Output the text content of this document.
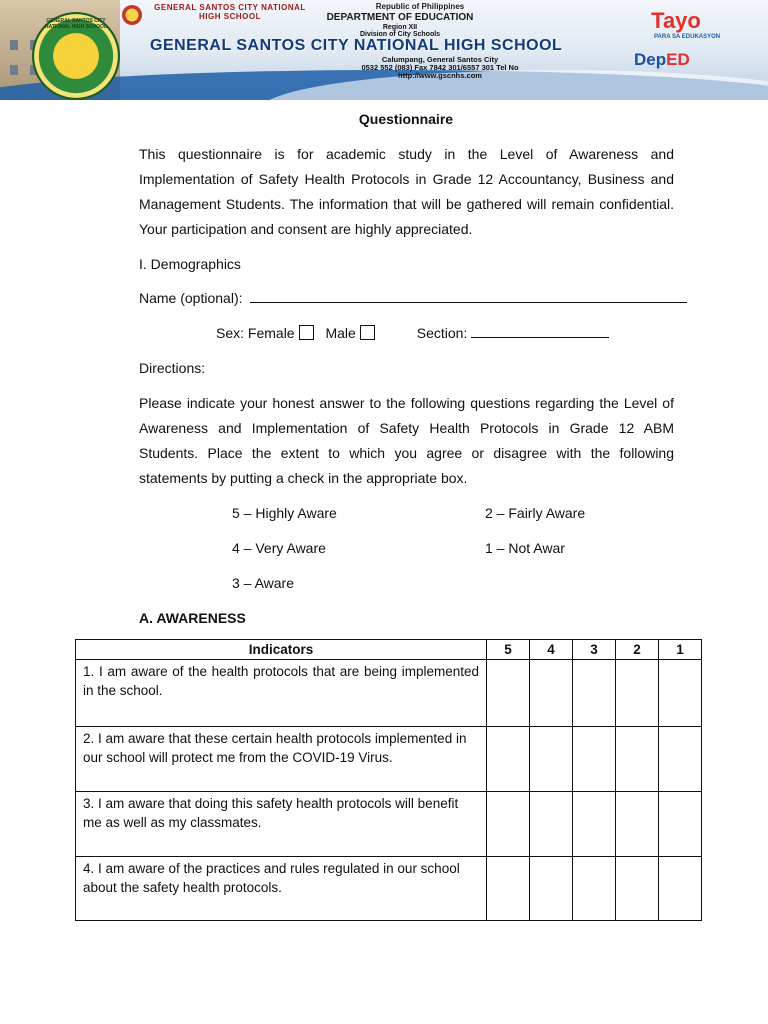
GENERAL SANTOS CITY NATIONAL HIGH SCHOOL
GENERAL SANTOS CITY NATIONAL HIGH SCHOOL
Republic of Philippines
DEPARTMENT OF EDUCATION
Region XII
Division of City Schools
GENERAL SANTOS CITY NATIONAL HIGH SCHOOL
Calumpang, General Santos City
0532 552 (083) Fax 7842 301/6557 301 Tel No
http://www.gscnhs.com
Tayo
PARA SA EDUKASYON
DepED
Questionnaire
This questionnaire is for academic study in the Level of Awareness and Implementation of Safety Health Protocols in Grade 12 Accountancy, Business and Management Students. The information that will be gathered will remain confidential. Your participation and consent are highly appreciated.
I. Demographics
Name (optional):
Sex: Female Male	Section:
Directions:
Please indicate your honest answer to the following questions regarding the Level of Awareness and Implementation of Safety Health Protocols in Grade 12 ABM Students. Place the extent to which you agree or disagree with the following statements by putting a check in the appropriate box.
5 – Highly Aware	2 – Fairly Aware
4 – Very Aware	1 – Not Awar
3 – Aware
A. AWARENESS
Indicators	5	4	3	2	1
1. I am aware of the health protocols that are being implemented in the school.					
2. I am aware that these certain health protocols implemented in our school will protect me from the COVID-19 Virus.					
3. I am aware that doing this safety health protocols will benefit me as well as my classmates.					
4. I am aware of the practices and rules regulated in our school about the safety health protocols.					
